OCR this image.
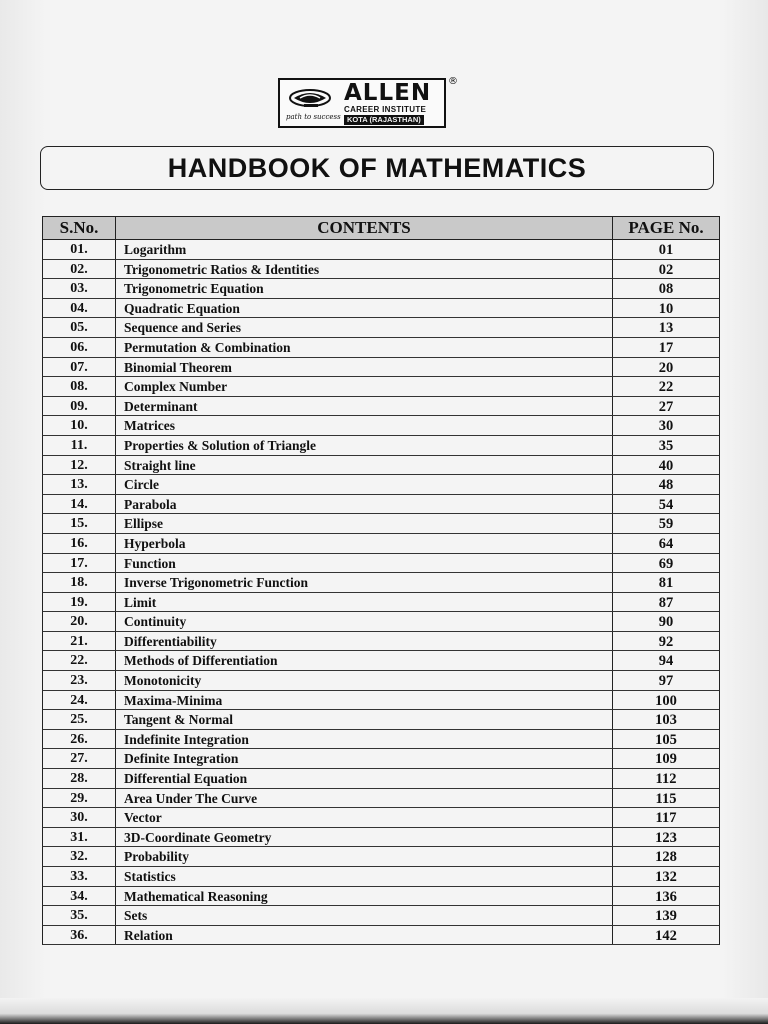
path to success
ALLEN
CAREER INSTITUTE
KOTA (RAJASTHAN)
®
HANDBOOK OF MATHEMATICS
S.No.	CONTENTS	PAGE No.
01.	Logarithm	01
02.	Trigonometric Ratios & Identities	02
03.	Trigonometric Equation	08
04.	Quadratic Equation	10
05.	Sequence and Series	13
06.	Permutation & Combination	17
07.	Binomial Theorem	20
08.	Complex Number	22
09.	Determinant	27
10.	Matrices	30
11.	Properties & Solution of Triangle	35
12.	Straight line	40
13.	Circle	48
14.	Parabola	54
15.	Ellipse	59
16.	Hyperbola	64
17.	Function	69
18.	Inverse Trigonometric Function	81
19.	Limit	87
20.	Continuity	90
21.	Differentiability	92
22.	Methods of Differentiation	94
23.	Monotonicity	97
24.	Maxima-Minima	100
25.	Tangent & Normal	103
26.	Indefinite Integration	105
27.	Definite Integration	109
28.	Differential Equation	112
29.	Area Under The Curve	115
30.	Vector	117
31.	3D-Coordinate Geometry	123
32.	Probability	128
33.	Statistics	132
34.	Mathematical Reasoning	136
35.	Sets	139
36.	Relation	142
